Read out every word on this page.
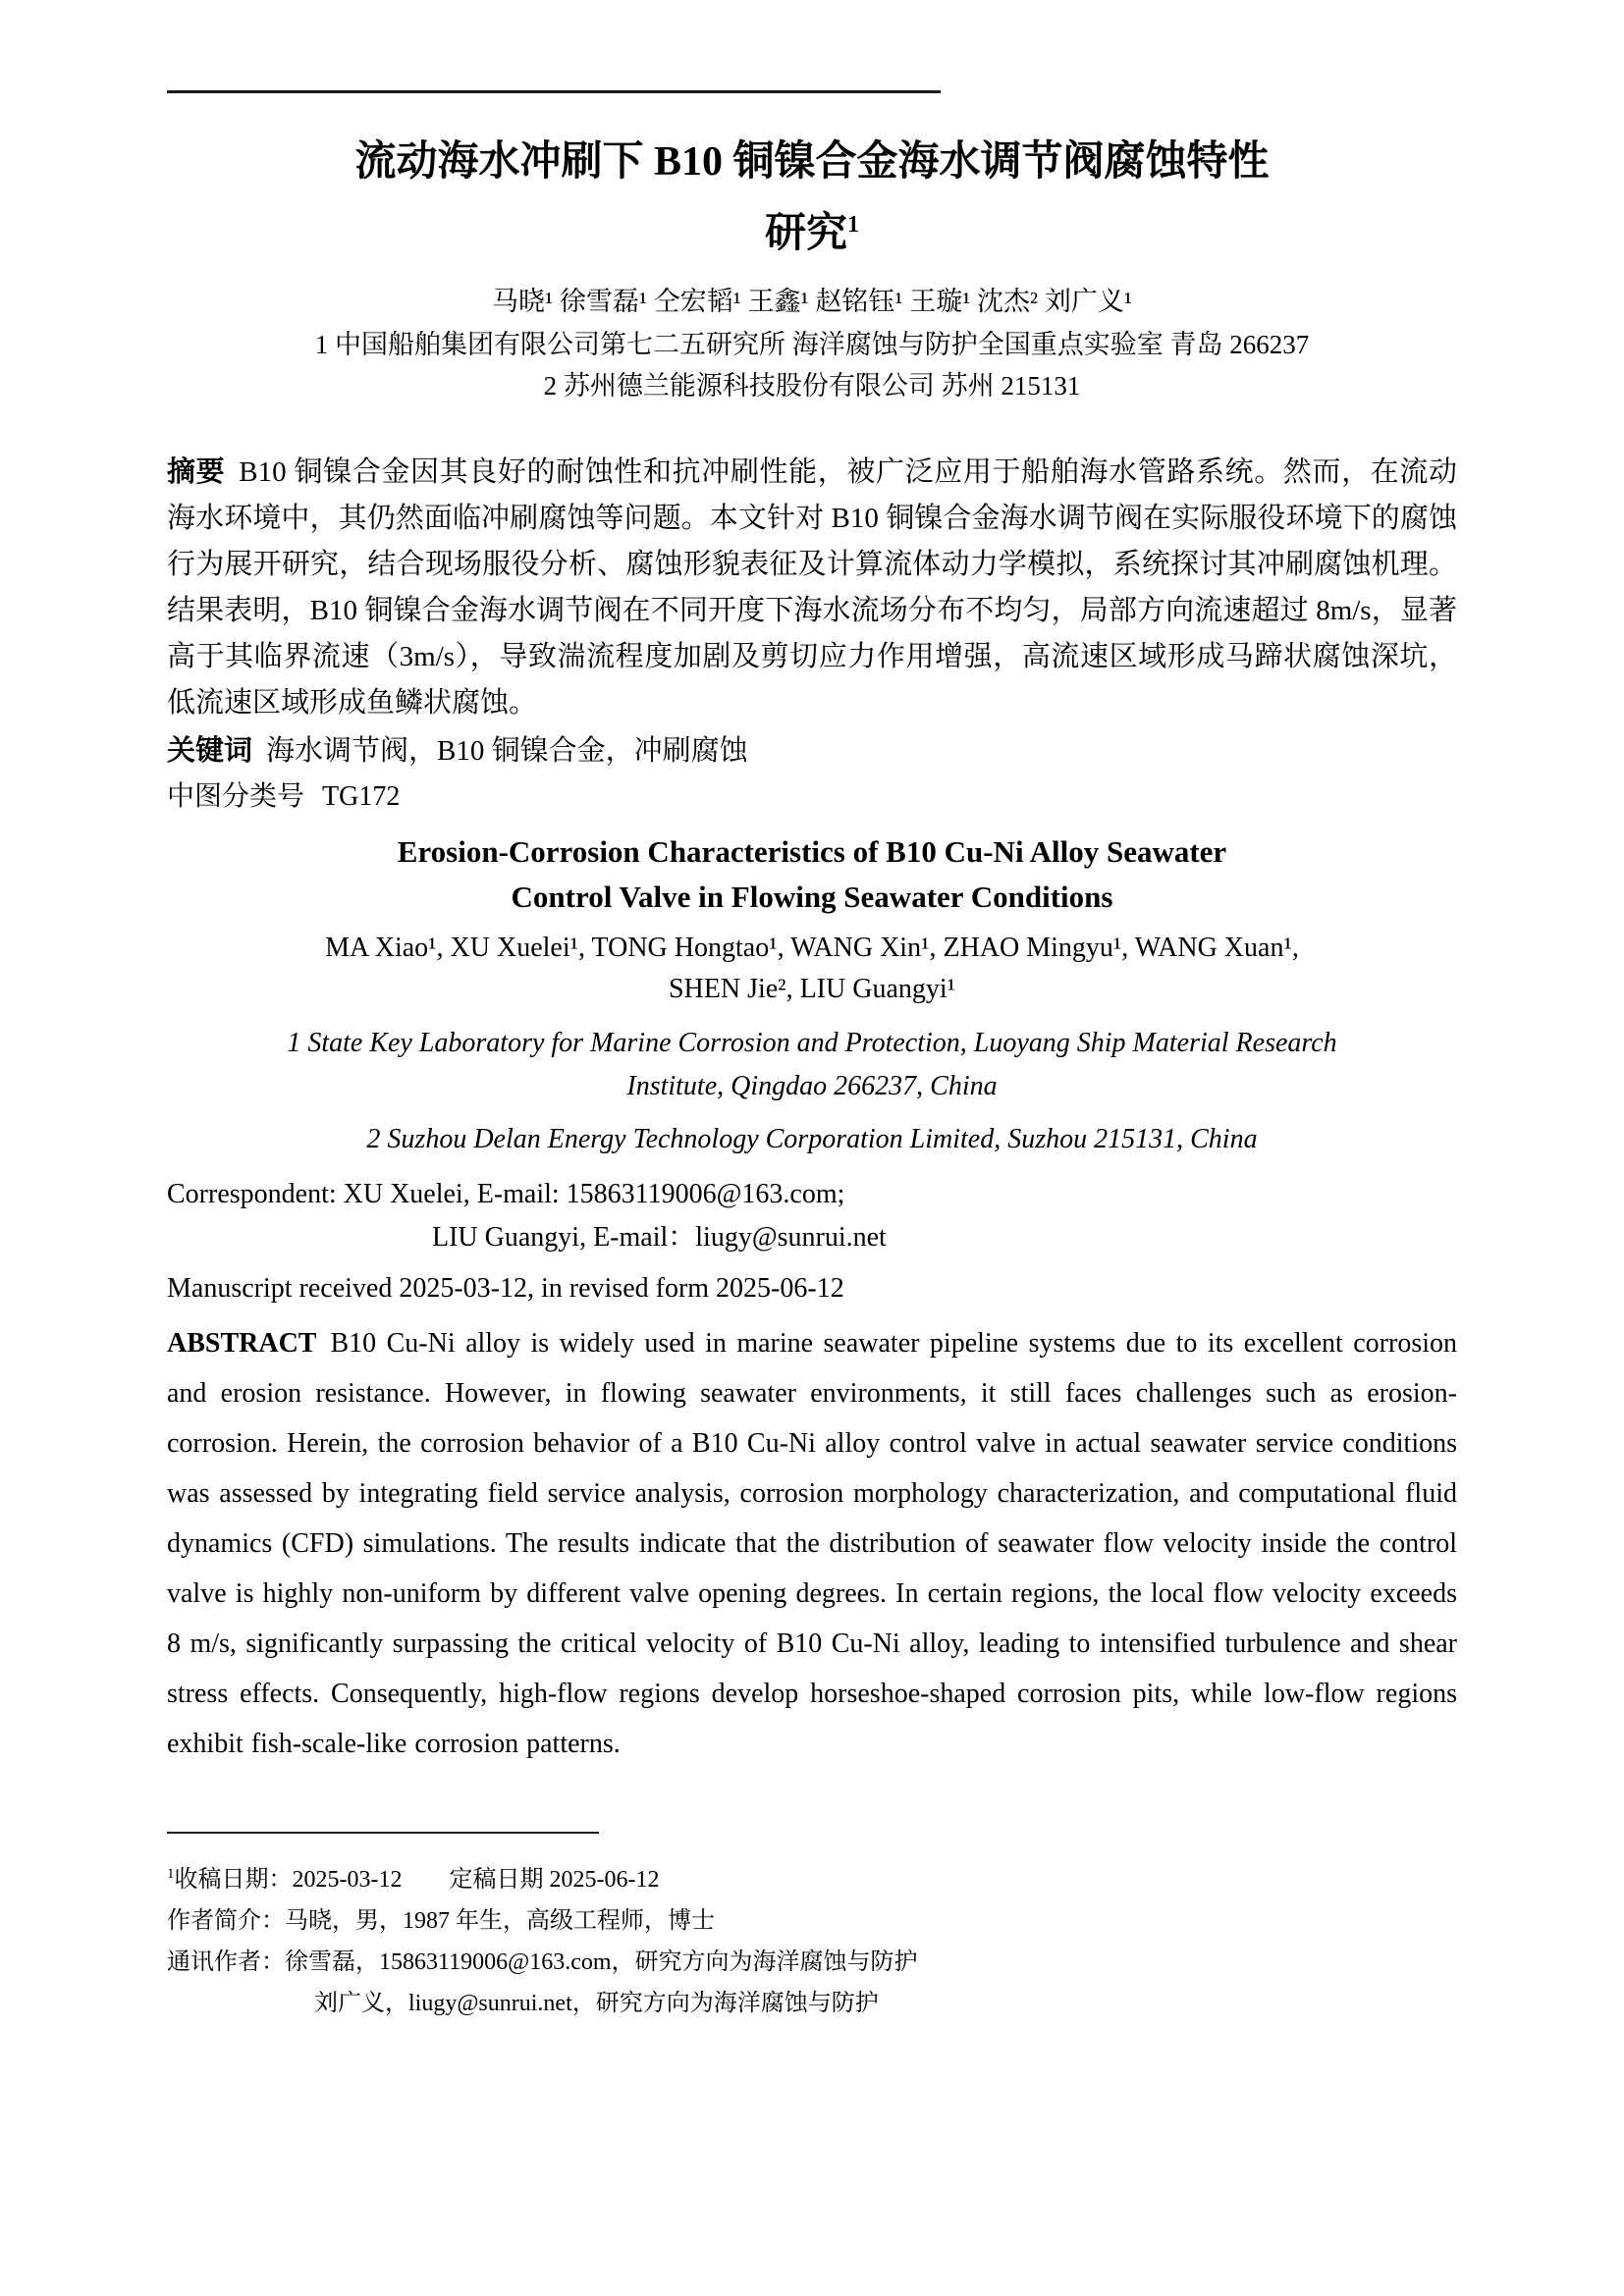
流动海水冲刷下 B10 铜镍合金海水调节阀腐蚀特性
研究$^1$
马晓¹ 徐雪磊¹ 仝宏韬¹ 王鑫¹ 赵铭钰¹ 王璇¹ 沈杰² 刘广义¹
1 中国船舶集团有限公司第七二五研究所 海洋腐蚀与防护全国重点实验室 青岛 266237
2 苏州德兰能源科技股份有限公司 苏州 215131

摘要 B10 铜镍合金因其良好的耐蚀性和抗冲刷性能，被广泛应用于船舶海水管路系统。然而，在流动海水环境中，其仍然面临冲刷腐蚀等问题。本文针对 B10 铜镍合金海水调节阀在实际服役环境下的腐蚀行为展开研究，结合现场服役分析、腐蚀形貌表征及计算流体动力学模拟，系统探讨其冲刷腐蚀机理。结果表明，B10 铜镍合金海水调节阀在不同开度下海水流场分布不均匀，局部方向流速超过 8m/s，显著高于其临界流速（3m/s），导致湍流程度加剧及剪切应力作用增强，高流速区域形成马蹄状腐蚀深坑，低流速区域形成鱼鳞状腐蚀。

关键词 海水调节阀，B10 铜镍合金，冲刷腐蚀

中图分类号 TG172

Erosion-Corrosion Characteristics of B10 Cu-Ni Alloy Seawater
Control Valve in Flowing Seawater Conditions
MA Xiao¹, XU Xuelei¹, TONG Hongtao¹, WANG Xin¹, ZHAO Mingyu¹, WANG Xuan¹,
SHEN Jie², LIU Guangyi¹
1 State Key Laboratory for Marine Corrosion and Protection, Luoyang Ship Material Research Institute, Qingdao 266237, China
2 Suzhou Delan Energy Technology Corporation Limited, Suzhou 215131, China
Correspondent: XU Xuelei, E-mail: 15863119006@163.com;
LIU Guangyi, E-mail：liugy@sunrui.net
Manuscript received 2025-03-12, in revised form 2025-06-12

ABSTRACT B10 Cu-Ni alloy is widely used in marine seawater pipeline systems due to its excellent corrosion and erosion resistance. However, in flowing seawater environments, it still faces challenges such as erosion-corrosion. Herein, the corrosion behavior of a B10 Cu-Ni alloy control valve in actual seawater service conditions was assessed by integrating field service analysis, corrosion morphology characterization, and computational fluid dynamics (CFD) simulations. The results indicate that the distribution of seawater flow velocity inside the control valve is highly non-uniform by different valve opening degrees. In certain regions, the local flow velocity exceeds 8 m/s, significantly surpassing the critical velocity of B10 Cu-Ni alloy, leading to intensified turbulence and shear stress effects. Consequently, high-flow regions develop horseshoe-shaped corrosion pits, while low-flow regions exhibit fish-scale-like corrosion patterns.

$^1$收稿日期：2025-03-12　　定稿日期 2025-06-12
作者简介：马晓，男，1987 年生，高级工程师，博士
通讯作者：徐雪磊，15863119006@163.com，研究方向为海洋腐蚀与防护
刘广义，liugy@sunrui.net，研究方向为海洋腐蚀与防护
